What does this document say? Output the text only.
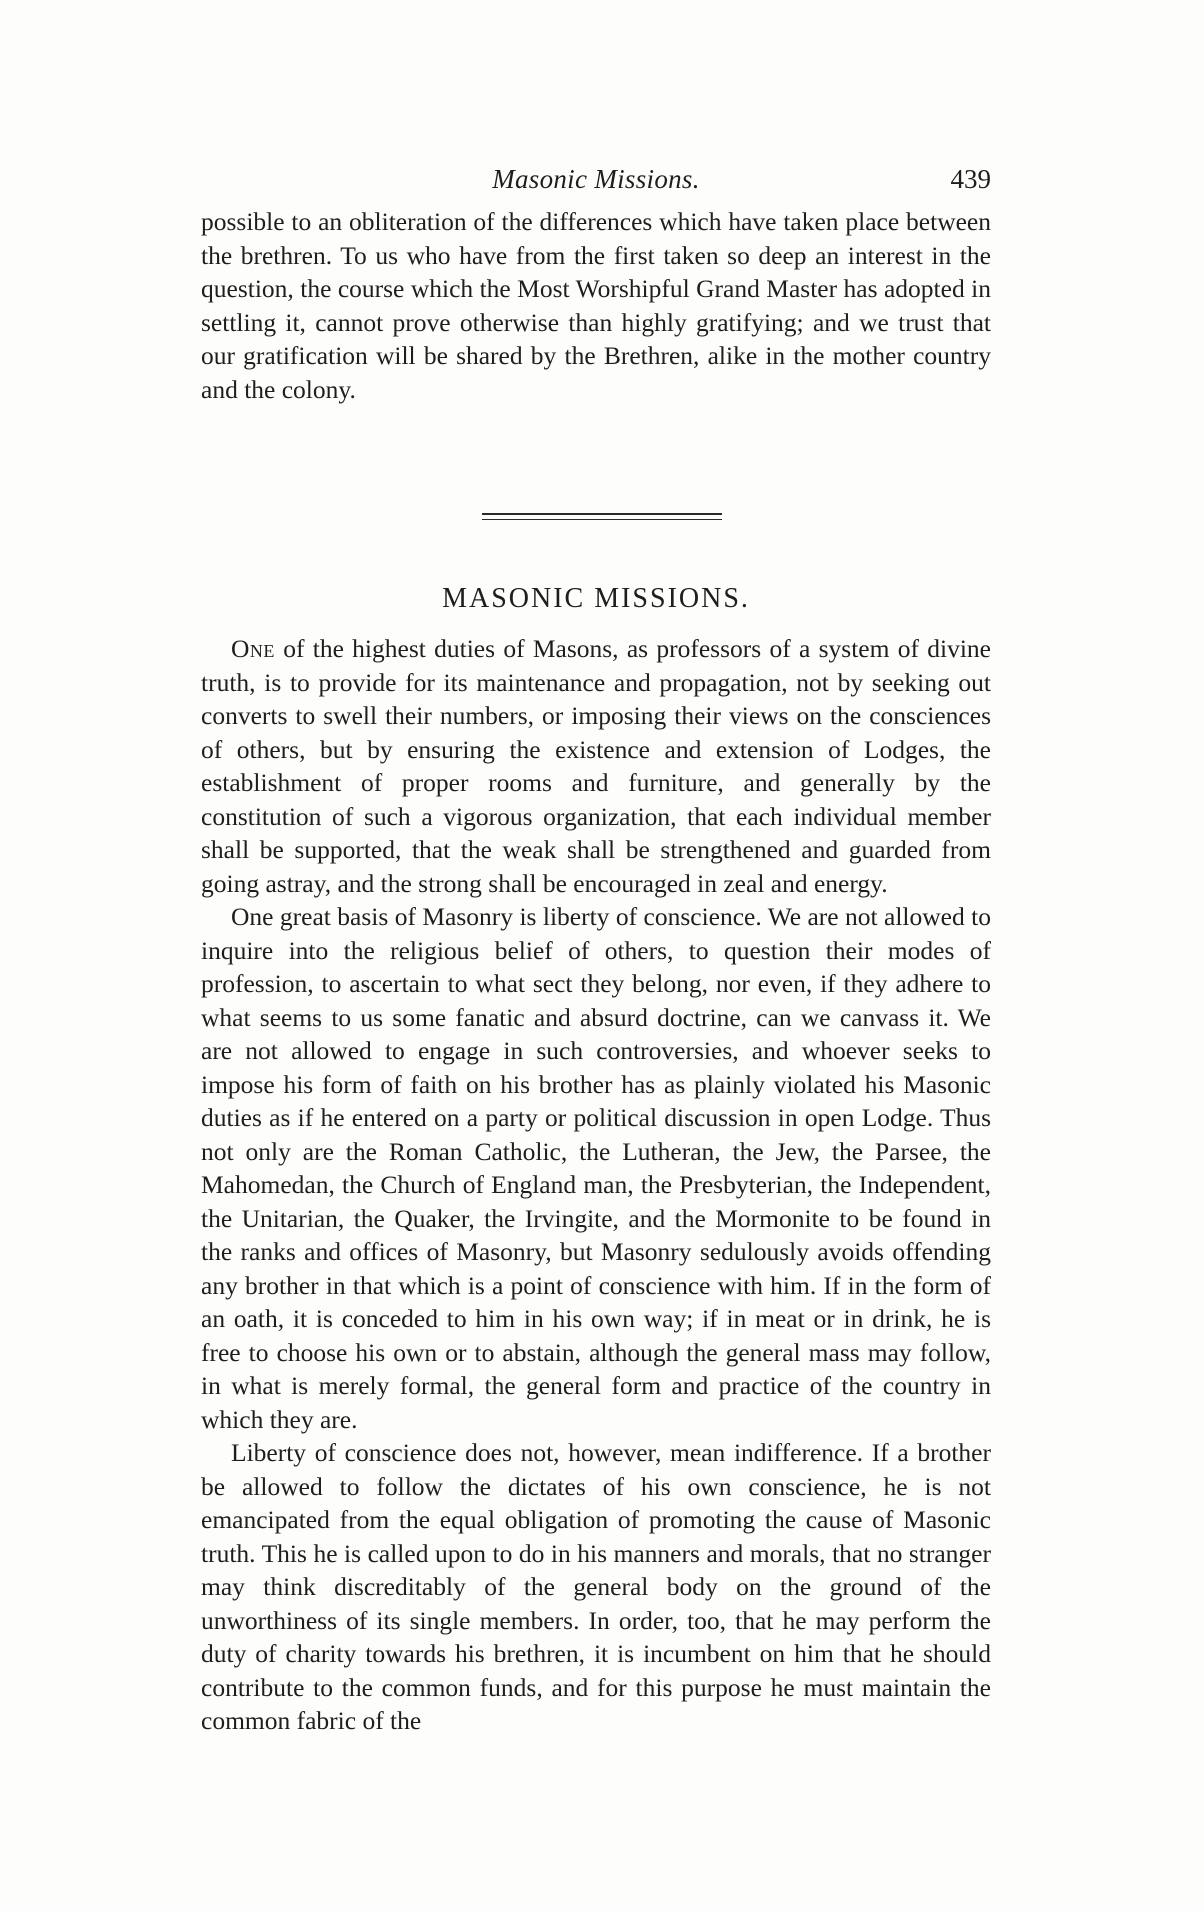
Masonic Missions.	439

possible to an obliteration of the differences which have taken place between the brethren. To us who have from the first taken so deep an interest in the question, the course which the Most Worshipful Grand Master has adopted in settling it, cannot prove otherwise than highly gratifying; and we trust that our gratification will be shared by the Brethren, alike in the mother country and the colony.

MASONIC MISSIONS.

One of the highest duties of Masons, as professors of a system of divine truth, is to provide for its maintenance and propagation, not by seeking out converts to swell their numbers, or imposing their views on the consciences of others, but by ensuring the existence and extension of Lodges, the establishment of proper rooms and furniture, and generally by the constitution of such a vigorous organization, that each individual member shall be supported, that the weak shall be strengthened and guarded from going astray, and the strong shall be encouraged in zeal and energy.

One great basis of Masonry is liberty of conscience. We are not allowed to inquire into the religious belief of others, to question their modes of profession, to ascertain to what sect they belong, nor even, if they adhere to what seems to us some fanatic and absurd doctrine, can we canvass it. We are not allowed to engage in such controversies, and whoever seeks to impose his form of faith on his brother has as plainly violated his Masonic duties as if he entered on a party or political discussion in open Lodge. Thus not only are the Roman Catholic, the Lutheran, the Jew, the Parsee, the Mahomedan, the Church of England man, the Presbyterian, the Independent, the Unitarian, the Quaker, the Irvingite, and the Mormonite to be found in the ranks and offices of Masonry, but Masonry sedulously avoids offending any brother in that which is a point of conscience with him. If in the form of an oath, it is conceded to him in his own way; if in meat or in drink, he is free to choose his own or to abstain, although the general mass may follow, in what is merely formal, the general form and practice of the country in which they are.

Liberty of conscience does not, however, mean indifference. If a brother be allowed to follow the dictates of his own conscience, he is not emancipated from the equal obligation of promoting the cause of Masonic truth. This he is called upon to do in his manners and morals, that no stranger may think discreditably of the general body on the ground of the unworthiness of its single members. In order, too, that he may perform the duty of charity towards his brethren, it is incumbent on him that he should contribute to the common funds, and for this purpose he must maintain the common fabric of the
